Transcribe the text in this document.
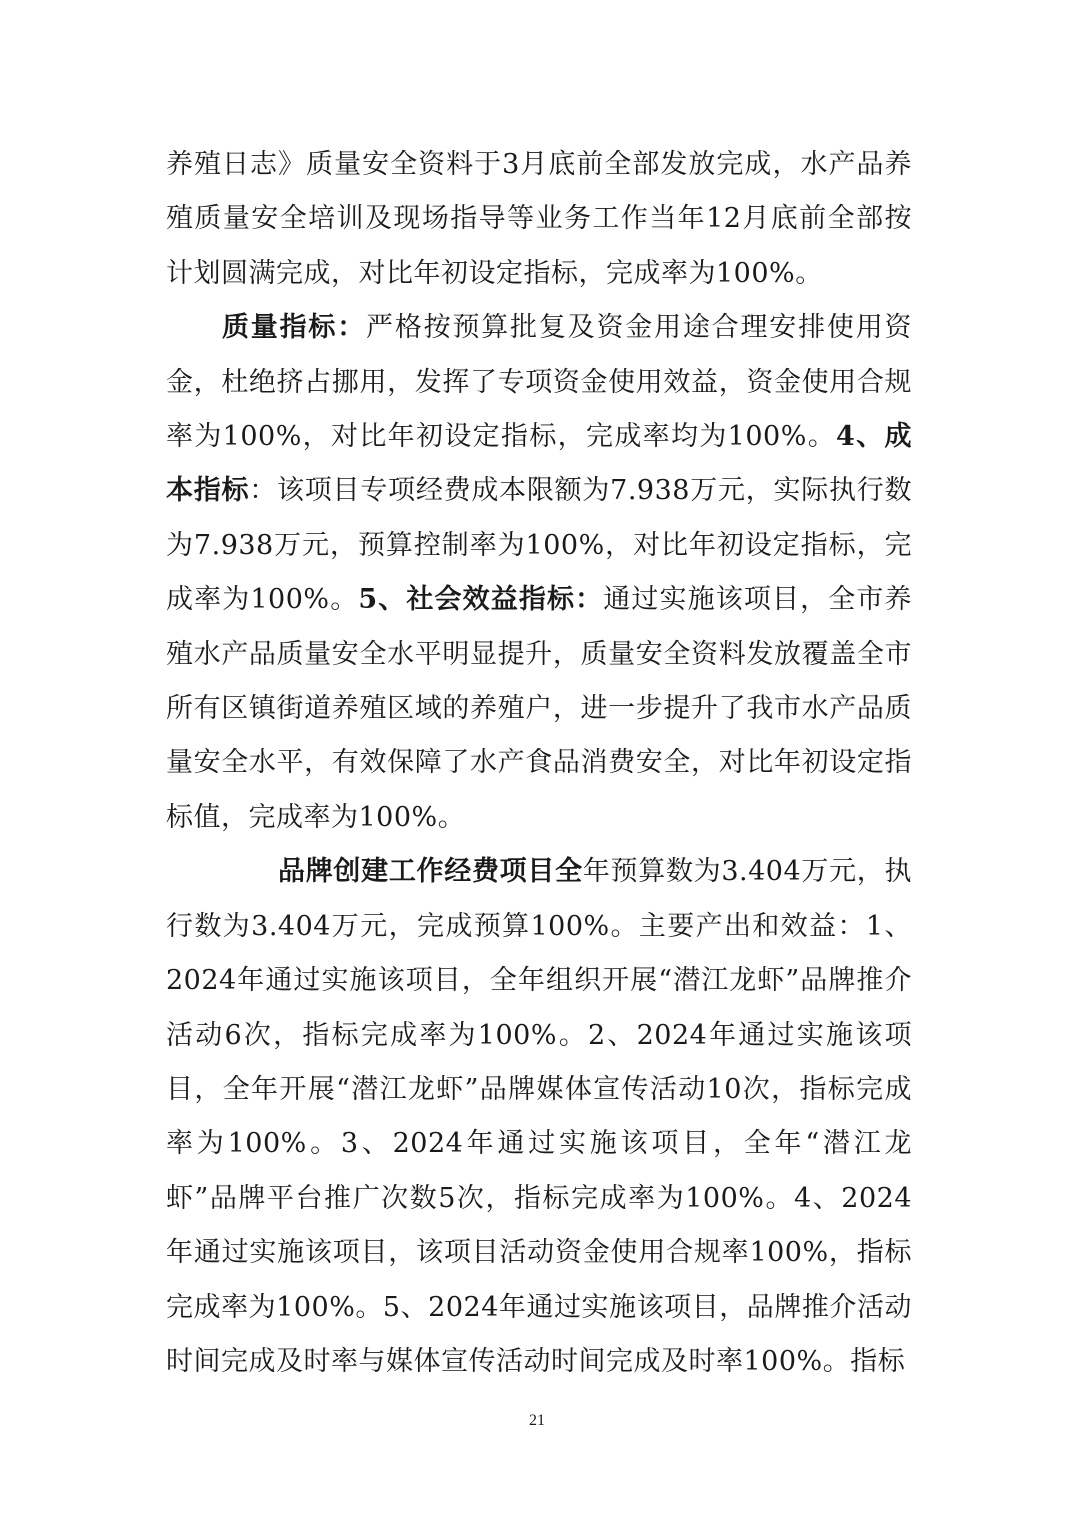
养殖日志》质量安全资料于3月底前全部发放完成，水产品养殖质量安全培训及现场指导等业务工作当年12月底前全部按计划圆满完成，对比年初设定指标，完成率为100%。

质量指标：严格按预算批复及资金用途合理安排使用资金，杜绝挤占挪用，发挥了专项资金使用效益，资金使用合规率为100%，对比年初设定指标，完成率均为100%。4、成本指标：该项目专项经费成本限额为7.938万元，实际执行数为7.938万元，预算控制率为100%，对比年初设定指标，完成率为100%。5、社会效益指标：通过实施该项目，全市养殖水产品质量安全水平明显提升，质量安全资料发放覆盖全市所有区镇街道养殖区域的养殖户，进一步提升了我市水产品质量安全水平，有效保障了水产食品消费安全，对比年初设定指标值，完成率为100%。

品牌创建工作经费项目全年预算数为3.404万元，执行数为3.404万元，完成预算100%。主要产出和效益：1、2024年通过实施该项目，全年组织开展“潜江龙虾”品牌推介活动6次，指标完成率为100%。2、2024年通过实施该项目，全年开展“潜江龙虾”品牌媒体宣传活动10次，指标完成率为100%。3、2024年通过实施该项目，全年“潜江龙虾”品牌平台推广次数5次，指标完成率为100%。4、2024年通过实施该项目，该项目活动资金使用合规率100%，指标完成率为100%。5、2024年通过实施该项目，品牌推介活动时间完成及时率与媒体宣传活动时间完成及时率100%。指标

21
